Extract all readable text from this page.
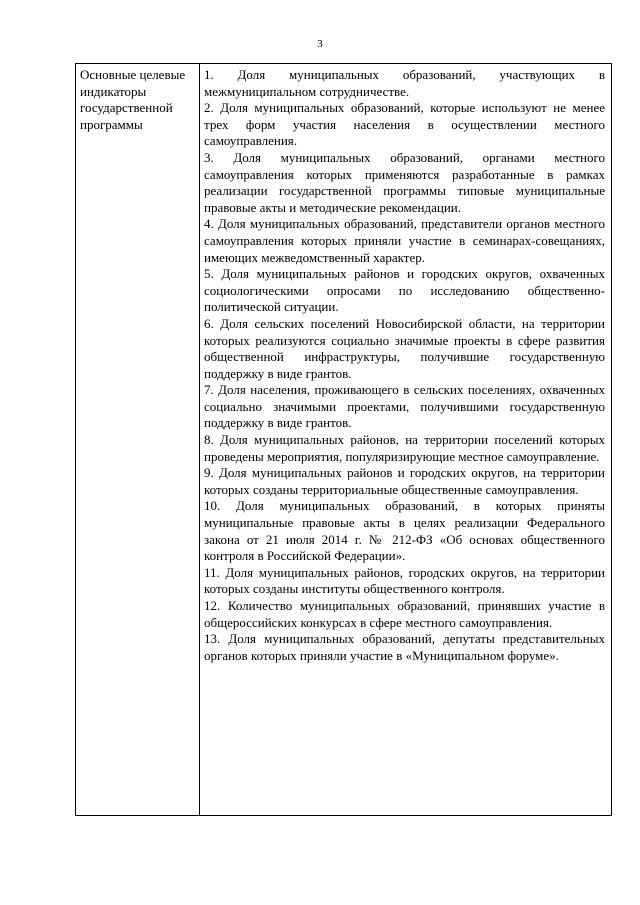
3
Основные целевые индикаторы государственной программы

1. Доля муниципальных образований, участвующих в межмуниципальном сотрудничестве.

2. Доля муниципальных образований, которые используют не менее трех форм участия населения в осуществлении местного самоуправления.

3. Доля муниципальных образований, органами местного самоуправления которых применяются разработанные в рамках реализации государственной программы типовые муниципальные правовые акты и методические рекомендации.

4. Доля муниципальных образований, представители органов местного самоуправления которых приняли участие в семинарах-совещаниях, имеющих межведомственный характер.

5. Доля муниципальных районов и городских округов, охваченных социологическими опросами по исследованию общественно-политической ситуации.

6. Доля сельских поселений Новосибирской области, на территории которых реализуются социально значимые проекты в сфере развития общественной инфраструктуры, получившие государственную поддержку в виде грантов.

7. Доля населения, проживающего в сельских поселениях, охваченных социально значимыми проектами, получившими государственную поддержку в виде грантов.

8. Доля муниципальных районов, на территории поселений которых проведены мероприятия, популяризирующие местное самоуправление.

9. Доля муниципальных районов и городских округов, на территории которых созданы территориальные общественные самоуправления.

10. Доля муниципальных образований, в которых приняты муниципальные правовые акты в целях реализации Федерального закона от 21 июля 2014 г. № 212-ФЗ «Об основах общественного контроля в Российской Федерации».

11. Доля муниципальных районов, городских округов, на территории которых созданы институты общественного контроля.

12. Количество муниципальных образований, принявших участие в общероссийских конкурсах в сфере местного самоуправления.

13. Доля муниципальных образований, депутаты представительных органов которых приняли участие в «Муниципальном форуме».
